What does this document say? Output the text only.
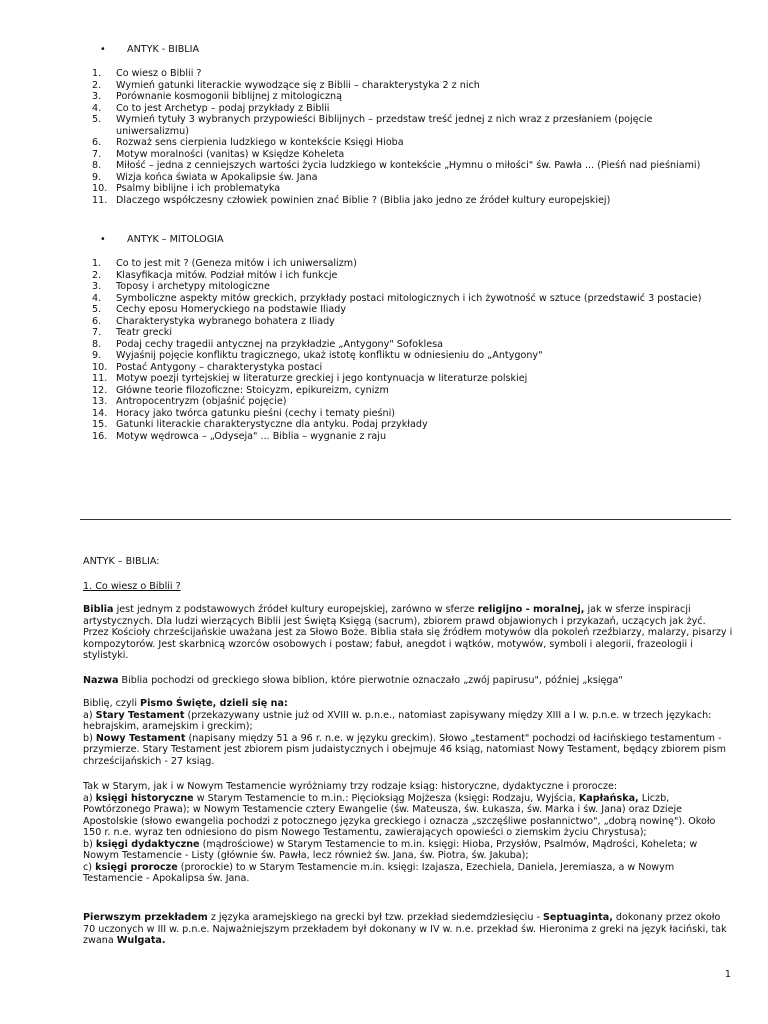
• ANTYK - BIBLIA
1.	Co wiesz o Biblii ?
2.	Wymień gatunki literackie wywodzące się z Biblii – charakterystyka 2 z nich
3.	Porównanie kosmogonii biblijnej z mitologiczną
4.	Co to jest Archetyp – podaj przykłady z Biblii
5.	Wymień tytuły 3 wybranych przypowieści Biblijnych – przedstaw treść jednej z nich wraz z przesłaniem (pojęcie uniwersalizmu)
6.	Rozważ sens cierpienia ludzkiego w kontekście Księgi Hioba
7.	Motyw moralności (vanitas) w Księdze Koheleta
8.	Miłość – jedna z cenniejszych wartości życia ludzkiego w kontekście „Hymnu o miłości" św. Pawła ... (Pieśń nad pieśniami)
9.	Wizja końca świata w Apokalipsie św. Jana
10. Psalmy biblijne i ich problematyka
11. Dlaczego współczesny człowiek powinien znać Biblie ? (Biblia jako jedno ze źródeł kultury europejskiej)
• ANTYK – MITOLOGIA
1.	Co to jest mit ? (Geneza mitów i ich uniwersalizm)
2.	Klasyfikacja mitów. Podział mitów i ich funkcje
3.	Toposy i archetypy mitologiczne
4.	Symboliczne aspekty mitów greckich, przykłady postaci mitologicznych i ich żywotność w sztuce (przedstawić 3 postacie)
5.	Cechy eposu Homeryckiego na podstawie Iliady
6.	Charakterystyka wybranego bohatera z Iliady
7.	Teatr grecki
8.	Podaj cechy tragedii antycznej na przykładzie „Antygony" Sofoklesa
9.	Wyjaśnij pojęcie konfliktu tragicznego, ukaż istotę konfliktu w odniesieniu do „Antygony"
10. Postać Antygony – charakterystyka postaci
11. Motyw poezji tyrtejskiej w literaturze greckiej i jego kontynuacja w literaturze polskiej
12. Główne teorie filozoficzne: Stoicyzm, epikureizm, cynizm
13. Antropocentryzm (objaśnić pojęcie)
14. Horacy jako twórca gatunku pieśni (cechy i tematy pieśni)
15. Gatunki literackie charakterystyczne dla antyku. Podaj przykłady
16. Motyw wędrowca – „Odyseja" ... Biblia – wygnanie z raju
ANTYK – BIBLIA:
1. Co wiesz o Biblii ?

Biblia jest jednym z podstawowych źródeł kultury europejskiej, zarówno w sferze religijno - moralnej, jak w sferze inspiracji artystycznych. Dla ludzi wierzących Biblii jest Świętą Księgą (sacrum), zbiorem prawd objawionych i przykazań, uczących jak żyć. Przez Kościoły chrześcijańskie uważana jest za Słowo Boże. Biblia stała się źródłem motywów dla pokoleń rzeźbiarzy, malarzy, pisarzy i kompozytorów. Jest skarbnicą wzorców osobowych i postaw; fabuł, anegdot i wątków, motywów, symboli i alegorii, frazeologii i stylistyki.

Nazwa Biblia pochodzi od greckiego słowa biblion, które pierwotnie oznaczało „zwój papirusu", później „księga"

Biblię, czyli Pismo Święte, dzieli się na:

a) Stary Testament (przekazywany ustnie już od XVIII w. p.n.e., natomiast zapisywany między XIII a I w. p.n.e. w trzech językach: hebrajskim, aramejskim i greckim);

b) Nowy Testament (napisany między 51 a 96 r. n.e. w języku greckim). Słowo „testament" pochodzi od łacińskiego testamentum - przymierze. Stary Testament jest zbiorem pism judaistycznych i obejmuje 46 ksiąg, natomiast Nowy Testament, będący zbiorem pism chrześcijańskich - 27 ksiąg.

Tak w Starym, jak i w Nowym Testamencie wyróżniamy trzy rodzaje ksiąg: historyczne, dydaktyczne i prorocze:

a) księgi historyczne w Starym Testamencie to m.in.: Pięcioksiąg Mojżesza (księgi: Rodzaju, Wyjścia, Kapłańska, Liczb, Powtórzonego Prawa); w Nowym Testamencie cztery Ewangelie (św. Mateusza, św. Łukasza, św. Marka i św. Jana) oraz Dzieje Apostolskie (słowo ewangelia pochodzi z potocznego języka greckiego i oznacza „szczęśliwe posłannictwo", „dobrą nowinę"). Około 150 r. n.e. wyraz ten odniesiono do pism Nowego Testamentu, zawierających opowieści o ziemskim życiu Chrystusa);

b) księgi dydaktyczne (mądrościowe) w Starym Testamencie to m.in. księgi: Hioba, Przysłów, Psalmów, Mądrości, Koheleta; w Nowym Testamencie - Listy (głównie św. Pawła, lecz również św. Jana, św. Piotra, św. Jakuba);

c) księgi prorocze (prorockie) to w Starym Testamencie m.in. księgi: Izajasza, Ezechiela, Daniela, Jeremiasza, a w Nowym Testamencie - Apokalipsa św. Jana.

Pierwszym przekładem z języka aramejskiego na grecki był tzw. przekład siedemdziesięciu - Septuaginta, dokonany przez około 70 uczonych w III w. p.n.e. Najważniejszym przekładem był dokonany w IV w. n.e. przekład św. Hieronima z greki na język łaciński, tak zwana Wulgata.

1
